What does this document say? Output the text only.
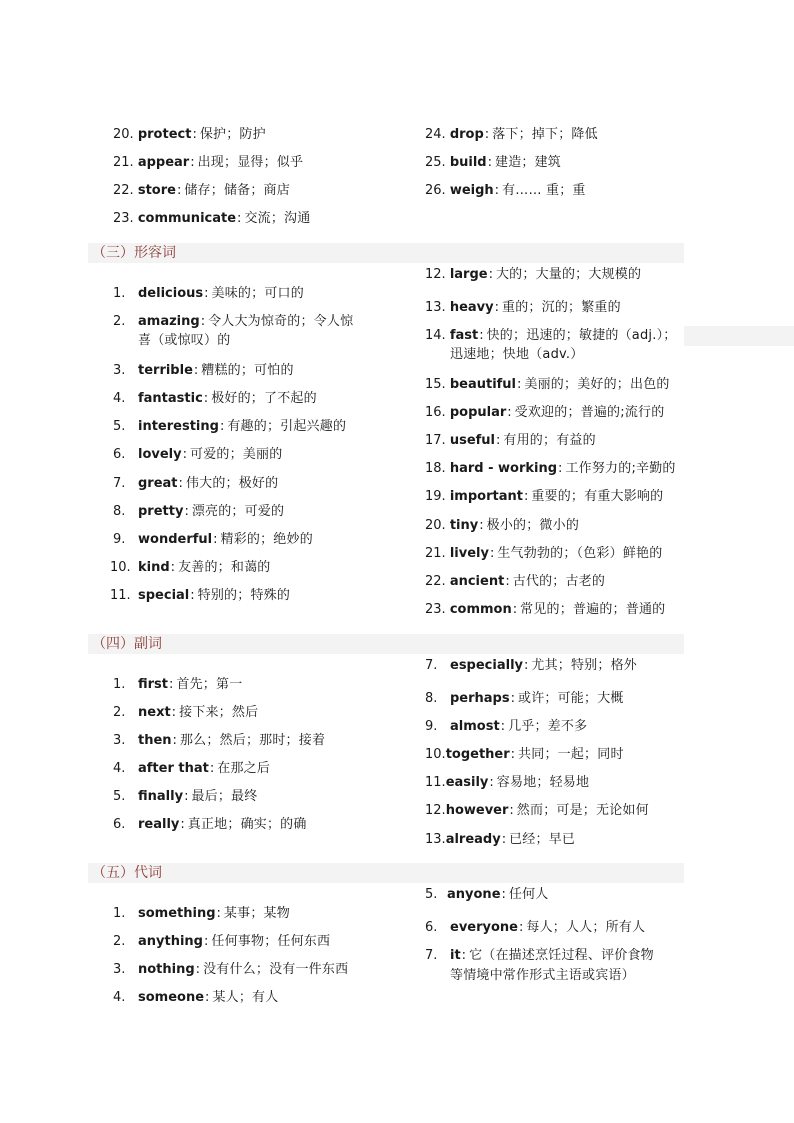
20. protect: 保护；防护
21. appear: 出现；显得；似乎
22. store: 储存；储备；商店
23. communicate: 交流；沟通
24. drop: 落下；掉下；降低
25. build: 建造；建筑
26. weigh: 有…… 重；重
（三）形容词
1. delicious: 美味的；可口的
2. amazing: 令人大为惊奇的；令人惊
喜（或惊叹）的
3. terrible: 糟糕的；可怕的
4. fantastic: 极好的；了不起的
5. interesting: 有趣的；引起兴趣的
6. lovely: 可爱的；美丽的
7. great: 伟大的；极好的
8. pretty: 漂亮的；可爱的
9. wonderful: 精彩的；绝妙的
10. kind: 友善的；和蔼的
11. special: 特别的；特殊的
12. large: 大的；大量的；大规模的
13. heavy: 重的；沉的；繁重的
14. fast: 快的；迅速的；敏捷的（adj.）；
迅速地；快地（adv.）
15. beautiful: 美丽的；美好的；出色的
16. popular: 受欢迎的；普遍的;流行的
17. useful: 有用的；有益的
18. hard - working: 工作努力的;辛勤的
19. important: 重要的；有重大影响的
20. tiny: 极小的；微小的
21. lively: 生气勃勃的；（色彩）鲜艳的
22. ancient: 古代的；古老的
23. common: 常见的；普遍的；普通的
（四）副词
1. first: 首先；第一
2. next: 接下来；然后
3. then: 那么；然后；那时；接着
4. after that: 在那之后
5. finally: 最后；最终
6. really: 真正地；确实；的确
7. especially: 尤其；特别；格外
8. perhaps: 或许；可能；大概
9. almost: 几乎；差不多
10.together: 共同；一起；同时
11.easily: 容易地；轻易地
12.however: 然而；可是；无论如何
13.already: 已经；早已
（五）代词
1. something: 某事；某物
2. anything: 任何事物；任何东西
3. nothing: 没有什么；没有一件东西
4. someone: 某人；有人
5. anyone: 任何人
6. everyone: 每人；人人；所有人
7. it: 它（在描述烹饪过程、评价食物
等情境中常作形式主语或宾语）
